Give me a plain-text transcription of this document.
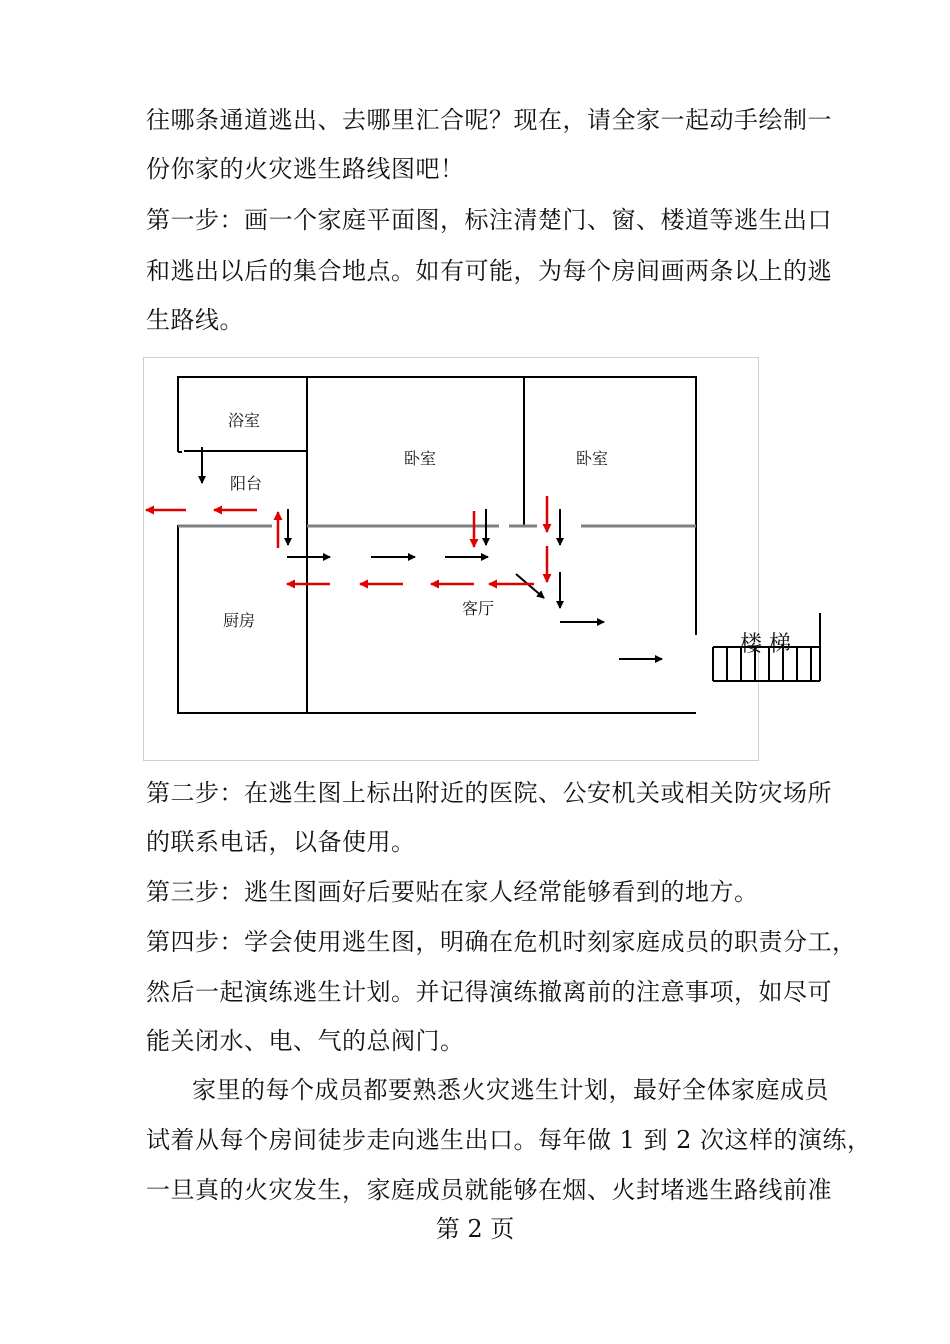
往哪条通道逃出、去哪里汇合呢？现在，请全家一起动手绘制一
份你家的火灾逃生路线图吧！
第一步：画一个家庭平面图，标注清楚门、窗、楼道等逃生出口
和逃出以后的集合地点。如有可能，为每个房间画两条以上的逃
生路线。
浴室
阳台
卧室	卧室
厨房
客厅
楼 梯
第二步：在逃生图上标出附近的医院、公安机关或相关防灾场所
的联系电话，以备使用。
第三步：逃生图画好后要贴在家人经常能够看到的地方。
第四步：学会使用逃生图，明确在危机时刻家庭成员的职责分工，
然后一起演练逃生计划。并记得演练撤离前的注意事项，如尽可
能关闭水、电、气的总阀门。
家里的每个成员都要熟悉火灾逃生计划，最好全体家庭成员
试着从每个房间徒步走向逃生出口。每年做 1 到 2 次这样的演练，
一旦真的火灾发生，家庭成员就能够在烟、火封堵逃生路线前准
第 2 页
